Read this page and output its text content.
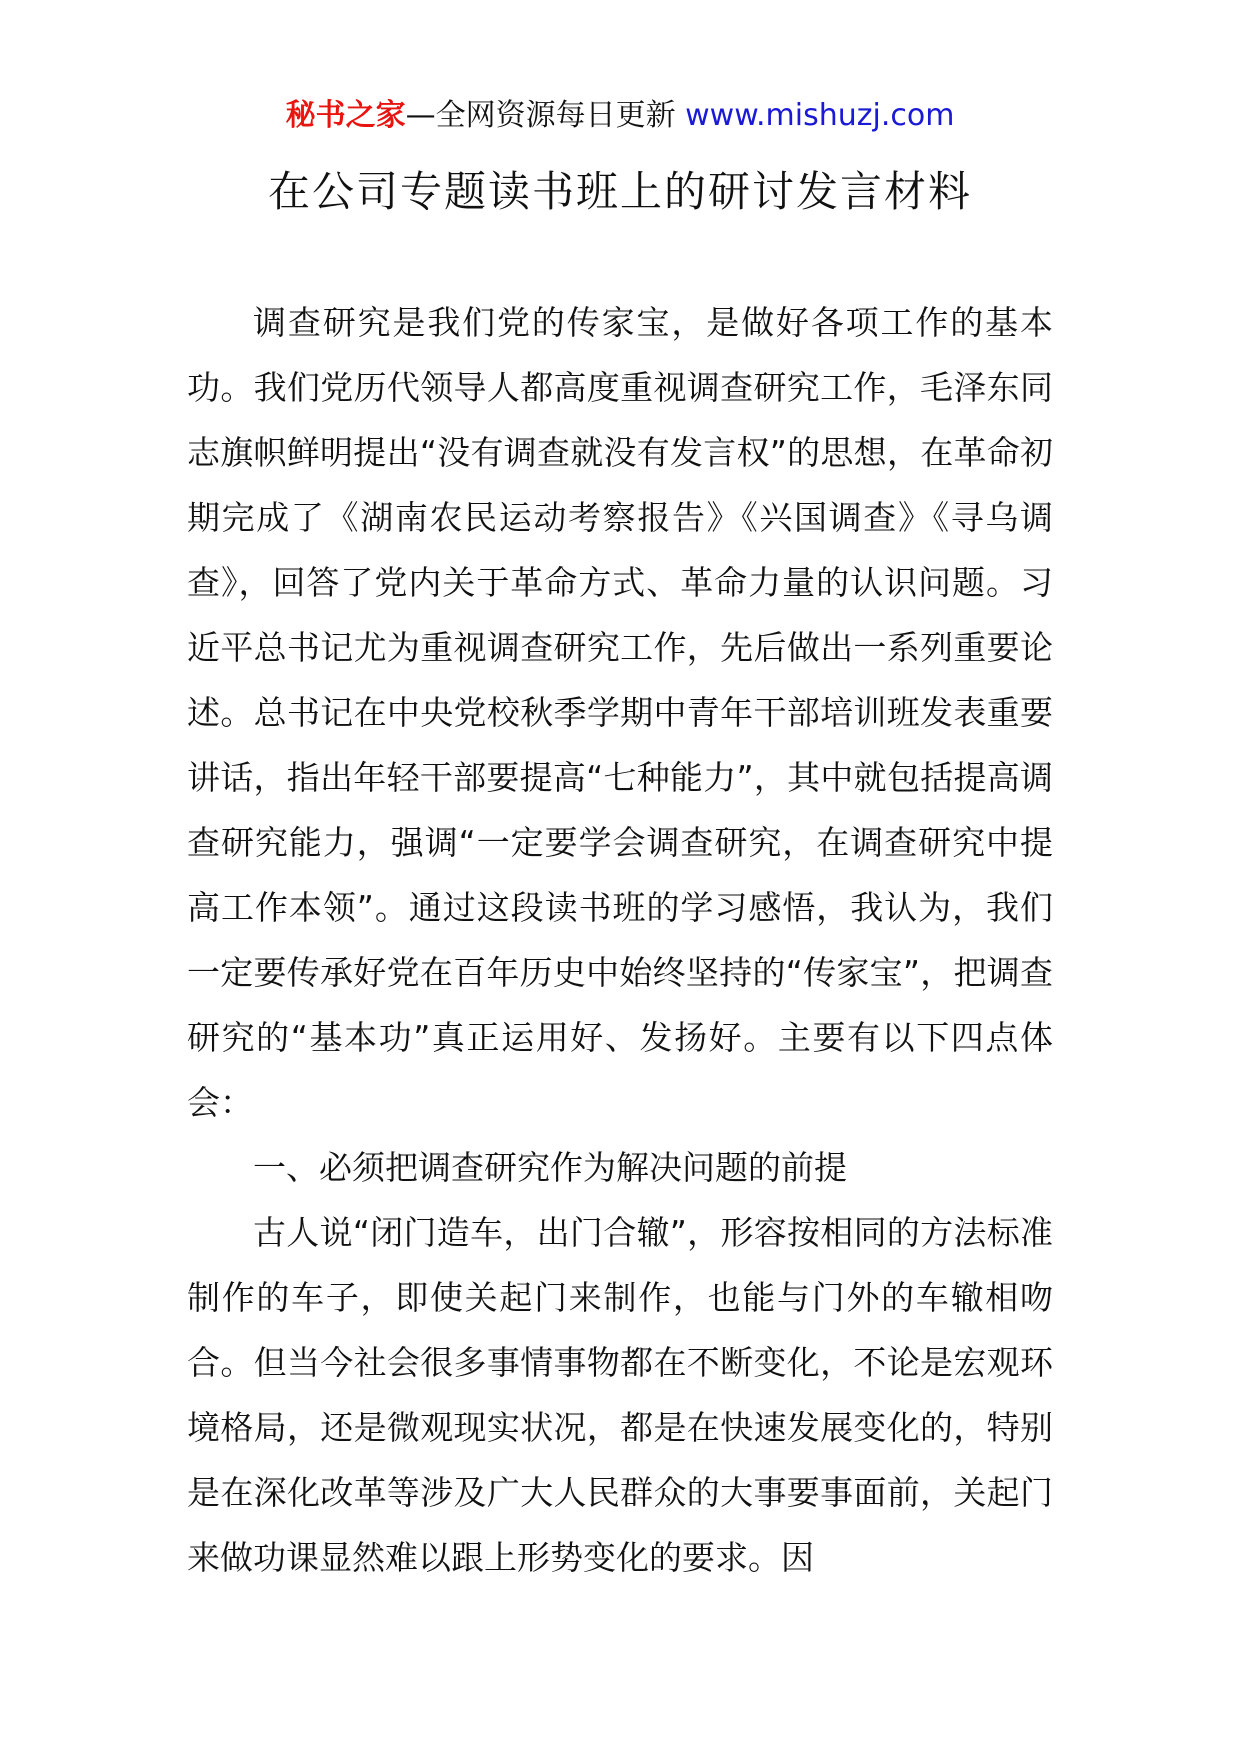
秘书之家—全网资源每日更新 www.mishuzj.com
在公司专题读书班上的研讨发言材料

调查研究是我们党的传家宝，是做好各项工作的基本功。我们党历代领导人都高度重视调查研究工作，毛泽东同志旗帜鲜明提出“没有调查就没有发言权”的思想，在革命初期完成了《湖南农民运动考察报告》《兴国调查》《寻乌调查》，回答了党内关于革命方式、革命力量的认识问题。习近平总书记尤为重视调查研究工作，先后做出一系列重要论述。总书记在中央党校秋季学期中青年干部培训班发表重要讲话，指出年轻干部要提高“七种能力”，其中就包括提高调查研究能力，强调“一定要学会调查研究，在调查研究中提高工作本领”。通过这段读书班的学习感悟，我认为，我们一定要传承好党在百年历史中始终坚持的“传家宝”，把调查研究的“基本功”真正运用好、发扬好。主要有以下四点体会：

一、必须把调查研究作为解决问题的前提

古人说“闭门造车，出门合辙”，形容按相同的方法标准制作的车子，即使关起门来制作，也能与门外的车辙相吻合。但当今社会很多事情事物都在不断变化，不论是宏观环境格局，还是微观现实状况，都是在快速发展变化的，特别是在深化改革等涉及广大人民群众的大事要事面前，关起门来做功课显然难以跟上形势变化的要求。因
